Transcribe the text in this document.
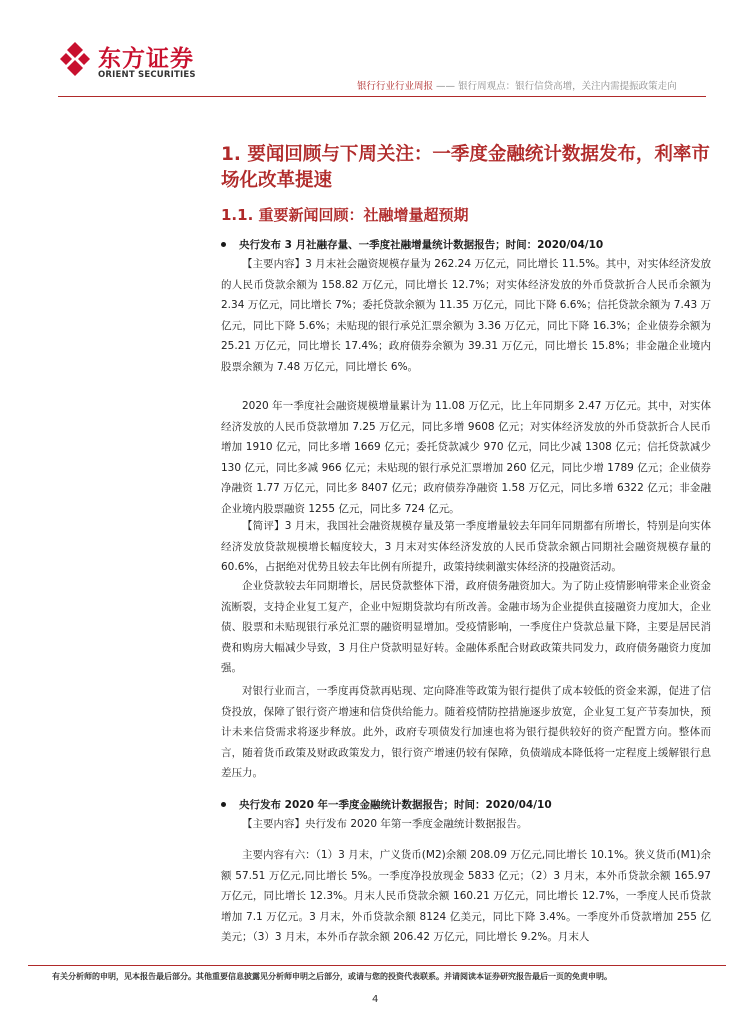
东方证券
ORIENT SECURITIES
银行行业行业周报 —— 银行周观点：银行信贷高增，关注内需提振政策走向
1. 要闻回顾与下周关注：一季度金融统计数据发布，利率市场化改革提速
1.1. 重要新闻回顾：社融增量超预期
央行发布 3 月社融存量、一季度社融增量统计数据报告；时间：2020/04/10

【主要内容】3 月末社会融资规模存量为 262.24 万亿元，同比增长 11.5%。其中，对实体经济发放的人民币贷款余额为 158.82 万亿元，同比增长 12.7%；对实体经济发放的外币贷款折合人民币余额为 2.34 万亿元，同比增长 7%；委托贷款余额为 11.35 万亿元，同比下降 6.6%；信托贷款余额为 7.43 万亿元，同比下降 5.6%；未贴现的银行承兑汇票余额为 3.36 万亿元，同比下降 16.3%；企业债券余额为 25.21 万亿元，同比增长 17.4%；政府债券余额为 39.31 万亿元，同比增长 15.8%；非金融企业境内股票余额为 7.48 万亿元，同比增长 6%。

2020 年一季度社会融资规模增量累计为 11.08 万亿元，比上年同期多 2.47 万亿元。其中，对实体经济发放的人民币贷款增加 7.25 万亿元，同比多增 9608 亿元；对实体经济发放的外币贷款折合人民币增加 1910 亿元，同比多增 1669 亿元；委托贷款减少 970 亿元，同比少减 1308 亿元；信托贷款减少 130 亿元，同比多减 966 亿元；未贴现的银行承兑汇票增加 260 亿元，同比少增 1789 亿元；企业债券净融资 1.77 万亿元，同比多 8407 亿元；政府债券净融资 1.58 万亿元，同比多增 6322 亿元；非金融企业境内股票融资 1255 亿元，同比多 724 亿元。

【简评】3 月末，我国社会融资规模存量及第一季度增量较去年同年同期都有所增长，特别是向实体经济发放贷款规模增长幅度较大，3 月末对实体经济发放的人民币贷款余额占同期社会融资规模存量的 60.6%，占据绝对优势且较去年比例有所提升，政策持续刺激实体经济的投融资活动。

企业贷款较去年同期增长，居民贷款整体下滑，政府债务融资加大。为了防止疫情影响带来企业资金流断裂，支持企业复工复产，企业中短期贷款均有所改善。金融市场为企业提供直接融资力度加大，企业债、股票和未贴现银行承兑汇票的融资明显增加。受疫情影响，一季度住户贷款总量下降，主要是居民消费和购房大幅减少导致，3 月住户贷款明显好转。金融体系配合财政政策共同发力，政府债务融资力度加强。

对银行业而言，一季度再贷款再贴现、定向降准等政策为银行提供了成本较低的资金来源，促进了信贷投放，保障了银行资产增速和信贷供给能力。随着疫情防控措施逐步放宽，企业复工复产节奏加快，预计未来信贷需求将逐步释放。此外，政府专项债发行加速也将为银行提供较好的资产配置方向。整体而言，随着货币政策及财政政策发力，银行资产增速仍较有保障，负债端成本降低将一定程度上缓解银行息差压力。

央行发布 2020 年一季度金融统计数据报告；时间：2020/04/10

【主要内容】央行发布 2020 年第一季度金融统计数据报告。

主要内容有六：（1）3 月末，广义货币(M2)余额 208.09 万亿元,同比增长 10.1%。狭义货币(M1)余额 57.51 万亿元,同比增长 5%。一季度净投放现金 5833 亿元；（2）3 月末，本外币贷款余额 165.97 万亿元，同比增长 12.3%。月末人民币贷款余额 160.21 万亿元，同比增长 12.7%，一季度人民币贷款增加 7.1 万亿元。3 月末，外币贷款余额 8124 亿美元，同比下降 3.4%。一季度外币贷款增加 255 亿美元；（3）3 月末，本外币存款余额 206.42 万亿元，同比增长 9.2%。月末人

有关分析师的申明，见本报告最后部分。其他重要信息披露见分析师申明之后部分，或请与您的投资代表联系。并请阅读本证券研究报告最后一页的免责申明。
4
